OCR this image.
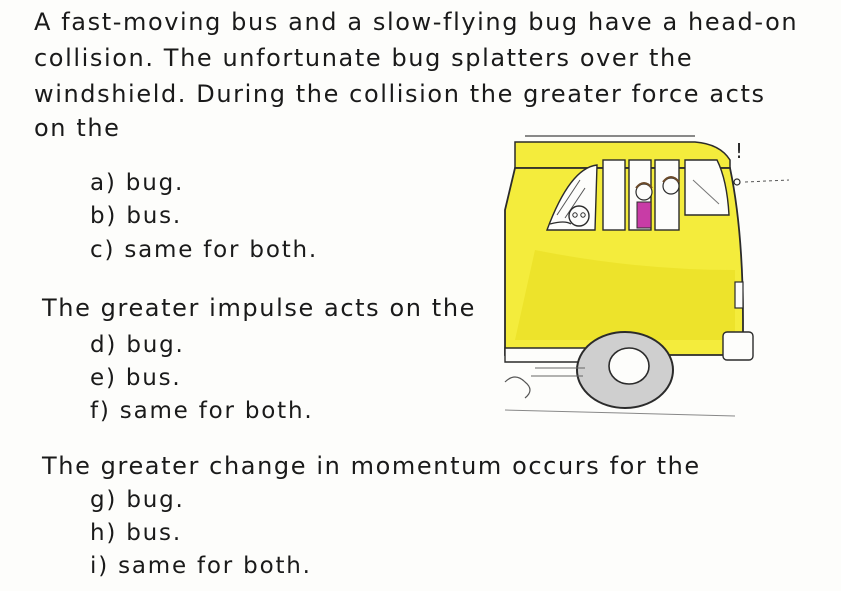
A fast-moving bus and a slow-flying bug have a head-on
collision. The unfortunate bug splatters over the
windshield. During the collision the greater force acts
on the
a) bug.
b) bus.
c) same for both.
The greater impulse acts on the
d) bug.
e) bus.
f) same for both.
The greater change in momentum occurs for the
g) bug.
h) bus.
i) same for both.
!
